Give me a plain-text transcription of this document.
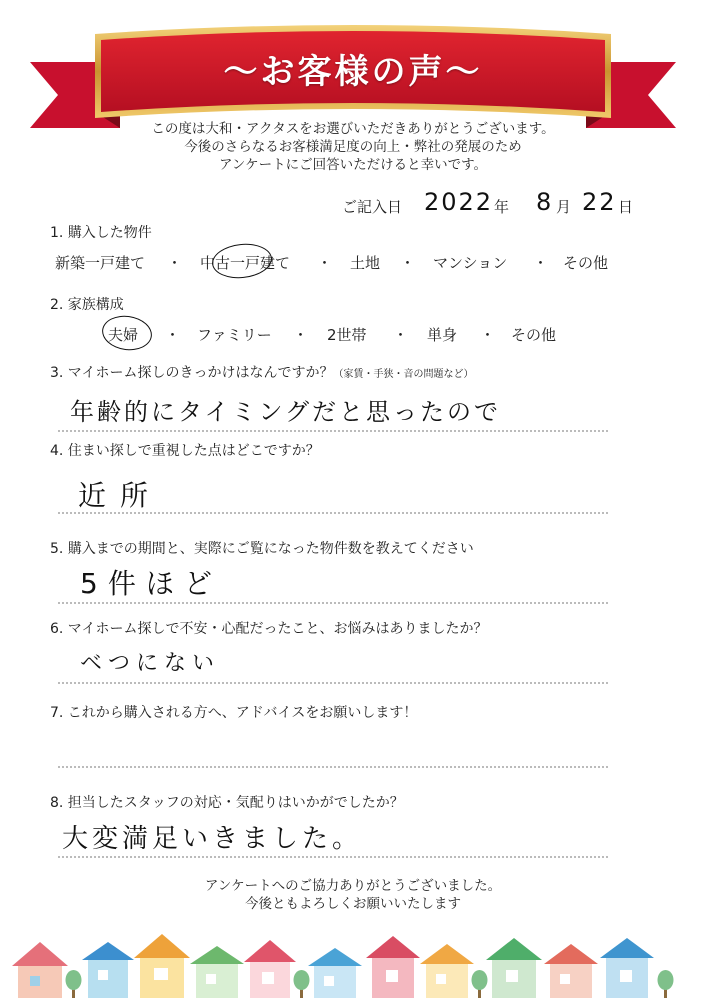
〜お客様の声〜
この度は大和・アクタスをお選びいただきありがとうございます。
今後のさらなるお客様満足度の向上・弊社の発展のため
アンケートにご回答いただけると幸いです。
ご記入日 2022 年 8 月 22 日
1. 購入した物件
新築一戸建て ・ 中古一戸建て ・ 土地 ・ マンション ・ その他
2. 家族構成
夫婦 ・ ファミリー ・ 2世帯 ・ 単身 ・ その他
3. マイホーム探しのきっかけはなんですか？（家賃・手狭・音の問題など）
年齢的にタイミングだと思ったので
4. 住まい探しで重視した点はどこですか？
近所
5. 購入までの期間と、実際にご覧になった物件数を教えてください
5件ほど
6. マイホーム探しで不安・心配だったこと、お悩みはありましたか？
ベつにない
7. これから購入される方へ、アドバイスをお願いします！
8. 担当したスタッフの対応・気配りはいかがでしたか？
大変満足いきました。
アンケートへのご協力ありがとうございました。
今後ともよろしくお願いいたします
